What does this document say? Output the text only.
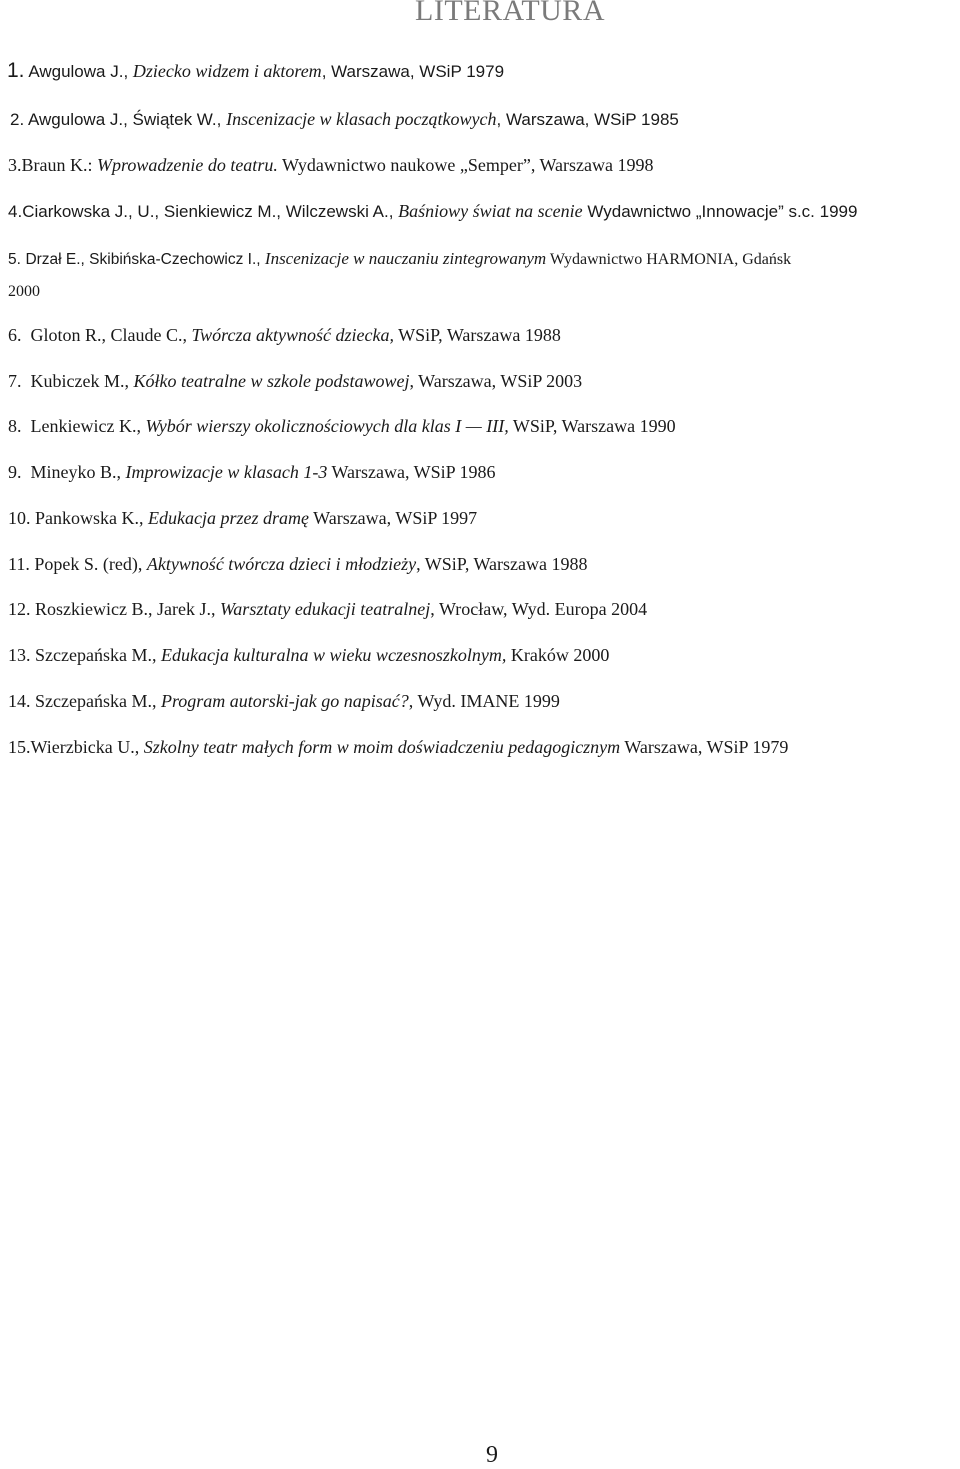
LITERATURA
1. Awgulowa J., Dziecko widzem i aktorem, Warszawa, WSiP 1979
2. Awgulowa J., Świątek W., Inscenizacje w klasach początkowych, Warszawa, WSiP 1985
3.Braun K.: Wprowadzenie do teatru. Wydawnictwo naukowe „Semper”, Warszawa 1998
4.Ciarkowska J., U., Sienkiewicz M., Wilczewski A., Baśniowy świat na scenie Wydawnictwo „Innowacje” s.c. 1999
5. Drzał E., Skibińska-Czechowicz I., Inscenizacje w nauczaniu zintegrowanym Wydawnictwo HARMONIA, Gdańsk
2000
6. Gloton R., Claude C., Twórcza aktywność dziecka, WSiP, Warszawa 1988
7. Kubiczek M., Kółko teatralne w szkole podstawowej, Warszawa, WSiP 2003
8. Lenkiewicz K., Wybór wierszy okolicznościowych dla klas I — III, WSiP, Warszawa 1990
9. Mineyko B., Improwizacje w klasach 1-3 Warszawa, WSiP 1986
10. Pankowska K., Edukacja przez dramę Warszawa, WSiP 1997
11. Popek S. (red), Aktywność twórcza dzieci i młodzieży, WSiP, Warszawa 1988
12. Roszkiewicz B., Jarek J., Warsztaty edukacji teatralnej, Wrocław, Wyd. Europa 2004
13. Szczepańska M., Edukacja kulturalna w wieku wczesnoszkolnym, Kraków 2000
14. Szczepańska M., Program autorski-jak go napisać?, Wyd. IMANE 1999
15.Wierzbicka U., Szkolny teatr małych form w moim doświadczeniu pedagogicznym Warszawa, WSiP 1979
9
